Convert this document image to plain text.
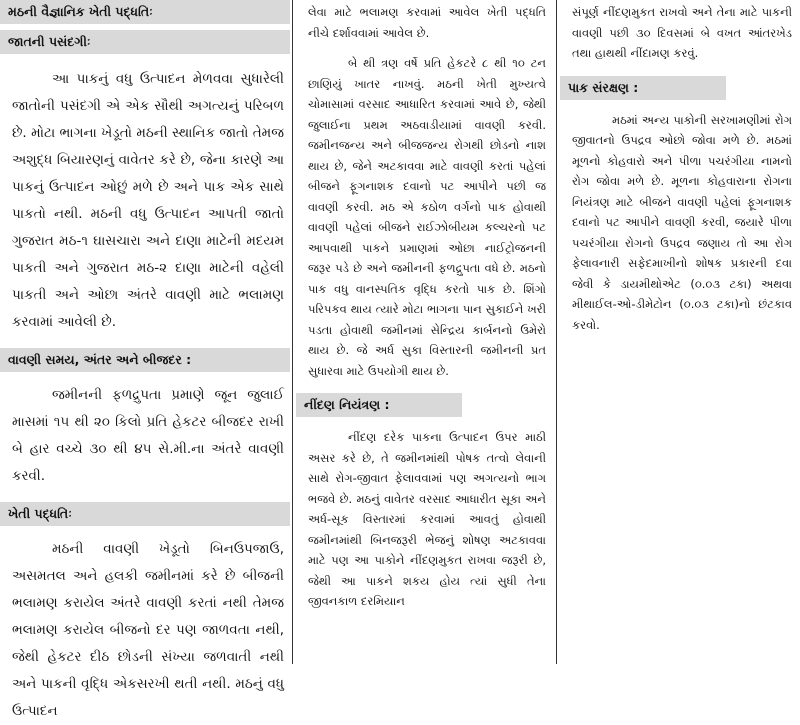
મઠની વૈજ્ઞાનિક ખેતી પદ્ધતિઃ
જાતની પસંદગીઃ

આ પાકનું વધુ ઉત્પાદન મેળવવા સુધારેલી જાતોની પસંદગી એ એક સૌથી અગત્યનું પરિબળ છે. મોટા ભાગના ખેડૂતો મઠની સ્થાનિક જાતો તેમજ અશુદ્ધ બિયારણનું વાવેતર કરે છે, જેના કારણે આ પાકનું ઉત્પાદન ઓછું મળે છે અને પાક એક સાથે પાકતો નથી. મઠની વધુ ઉત્પાદન આપતી જાતો ગુજરાત મઠ-૧ ઘાસચારા અને દાણા માટેની મદયમ પાકતી અને ગુજરાત મઠ-૨ દાણા માટેની વહેલી પાકતી અને ઓછા અંતરે વાવણી માટે ભલામણ કરવામાં આવેલી છે.

વાવણી સમય, અંતર અને બીજદર :

જમીનની ફળદ્રુપતા પ્રમાણે જૂન જુલાઈ માસમાં ૧૫ થી ૨૦ કિલો પ્રતિ હેકટર બીજદર રાખી બે હાર વચ્ચે ૩૦ થી ૪૫ સે.મી.ના અંતરે વાવણી કરવી.

ખેતી પદ્ધતિઃ

મઠની વાવણી ખેડૂતો બિનઉપજાઉ, અસમતલ અને હલકી જમીનમાં કરે છે બીજની ભલામણ કરાયેલ અંતરે વાવણી કરતાં નથી તેમજ ભલામણ કરાયેલ બીજનો દર પણ જાળવતા નથી, જેથી હેકટર દીઠ છોડની સંખ્યા જળવાતી નથી અને પાકની વૃદ્ધિ એકસરખી થતી નથી. મઠનું વધુ ઉત્પાદન

લેવા માટે ભલામણ કરવામાં આવેલ ખેતી પદ્ધતિ નીચે દર્શાવવામાં આવેલ છે.

બે થી ત્રણ વર્ષે પ્રતિ હેકટરે ૮ થી ૧૦ ટન છાણિયું ખાતર નાખવું. મઠની ખેતી મુખ્યત્વે ચોમાસામાં વરસાદ આધારિત કરવામાં આવે છે, જેથી જુલાઈના પ્રથમ અઠવાડીયામાં વાવણી કરવી. જમીનજન્ય અને બીજજન્ય રોગથી છોડનો નાશ થાય છે, જેને અટકાવવા માટે વાવણી કરતાં પહેલાં બીજને ફૂગનાશક દવાનો પટ આપીને પછી જ વાવણી કરવી. મઠ એ કઠોળ વર્ગનો પાક હોવાથી વાવણી પહેલાં બીજને રાઈઝોબીયમ કલ્ચરનો પટ આપવાથી પાકને પ્રમાણમાં ઓછા નાઈટ્રોજનની જરૂર પડે છે અને જમીનની ફળદ્રુપતા વધે છે. મઠનો પાક વધુ વાનસ્પતિક વૃદ્ધિ કરતો પાક છે. શિંગો પરિપકવ થાય ત્યારે મોટા ભાગના પાન સુકાઈને ખરી પડતા હોવાથી જમીનમાં સેન્દ્રિય કાર્બનનો ઉમેરો થાય છે. જે અર્ધ સુકા વિસ્તારની જમીનની પ્રત સુધારવા માટે ઉપયોગી થાય છે.

નીંદણ નિયંત્રણ :

નીંદણ દરેક પાકના ઉત્પાદન ઉપર માઠી અસર કરે છે, તે જમીનમાંથી પોષક તત્વો લેવાની સાથે રોગ-જીવાત ફેલાવવામાં પણ અગત્યનો ભાગ ભજવે છે. મઠનું વાવેતર વરસાદ આધારીત સૂકા અને અર્ધ-સૂક વિસ્તારમાં કરવામાં આવતું હોવાથી જમીનમાંથી બિનજરૂરી ભેજનું શોષણ અટકાવવા માટે પણ આ પાકોને નીંદણમુકત રાખવા જરૂરી છે, જેથી આ પાકને શકય હોય ત્યાં સુધી તેના જીવનકાળ દરમિયાન

સંપૂર્ણ નીંદણમુકત રાખવો અને તેના માટે પાકની વાવણી પછી ૩૦ દિવસમાં બે વખત આંતરખેડ તથા હાથથી નીંદામણ કરવું.

પાક સંરક્ષણ :

મઠમાં અન્ય પાકોની સરખામણીમાં રોગ જીવાતનો ઉપદ્રવ ઓછો જોવા મળે છે. મઠમાં મૂળનો કોહવારો અને પીળા પચરંગીયા નામનો રોગ જોવા મળે છે. મૂળના કોહવારાના રોગના નિયંત્રણ માટે બીજને વાવણી પહેલાં ફૂગનાશક દવાનો પટ આપીને વાવણી કરવી, જયારે પીળા પચરંગીયા રોગનો ઉપદ્રવ જણાય તો આ રોગ ફેલાવનારી સફેદમાખીનો શોષક પ્રકારની દવા જેવી કે ડાયમીથોએટ (૦.૦૩ ટકા) અથવા મીથાઈલ-ઓ-ડીમેટોન (૦.૦૩ ટકા)નો છંટકાવ કરવો.
